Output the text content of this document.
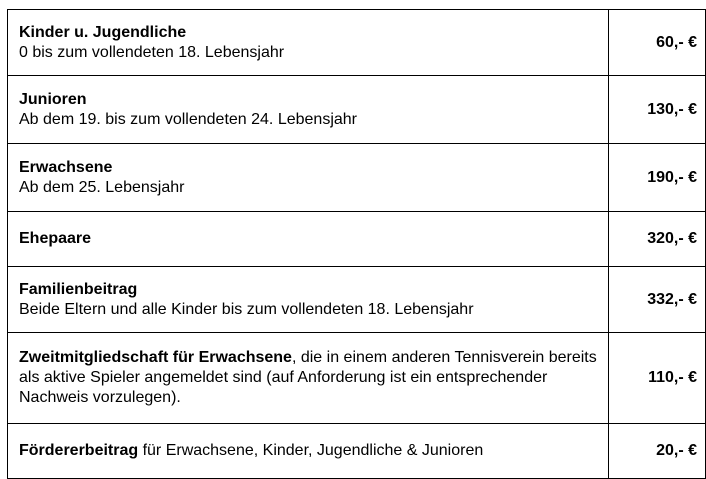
Kinder u. Jugendliche
0 bis zum vollendeten 18. Lebensjahr	60,- €
Junioren
Ab dem 19. bis zum vollendeten 24. Lebensjahr	130,- €
Erwachsene
Ab dem 25. Lebensjahr	190,- €
Ehepaare	320,- €
Familienbeitrag
Beide Eltern und alle Kinder bis zum vollendeten 18. Lebensjahr	332,- €
Zweitmitgliedschaft für Erwachsene, die in einem anderen Tennisverein bereits als aktive Spieler angemeldet sind (auf Anforderung ist ein entsprechender Nachweis vorzulegen).	110,- €
Fördererbeitrag für Erwachsene, Kinder, Jugendliche & Junioren	20,- €
